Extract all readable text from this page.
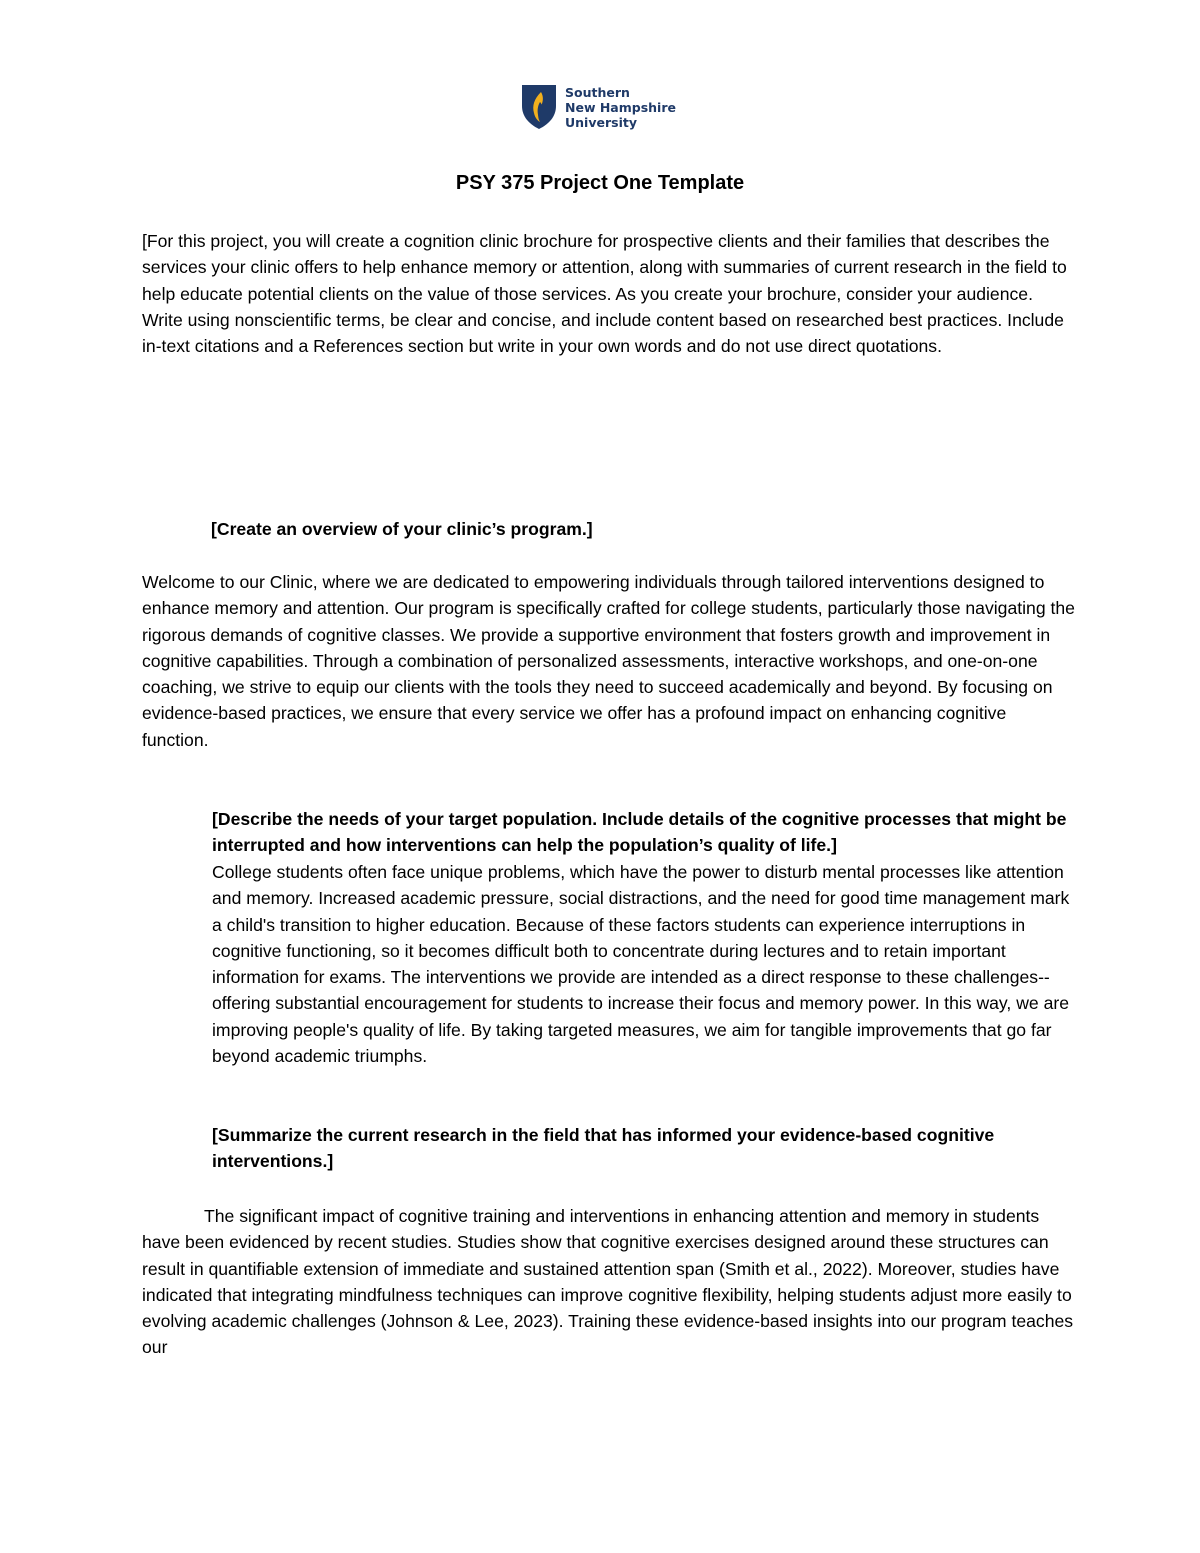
Southern
New Hampshire
University
PSY 375 Project One Template

[For this project, you will create a cognition clinic brochure for prospective clients and their families that describes the services your clinic offers to help enhance memory or attention, along with summaries of current research in the field to help educate potential clients on the value of those services. As you create your brochure, consider your audience. Write using nonscientific terms, be clear and concise, and include content based on researched best practices. Include in-text citations and a References section but write in your own words and do not use direct quotations.

[Create an overview of your clinic’s program.]

Welcome to our Clinic, where we are dedicated to empowering individuals through tailored interventions designed to enhance memory and attention. Our program is specifically crafted for college students, particularly those navigating the rigorous demands of cognitive classes. We provide a supportive environment that fosters growth and improvement in cognitive capabilities. Through a combination of personalized assessments, interactive workshops, and one-on-one coaching, we strive to equip our clients with the tools they need to succeed academically and beyond. By focusing on evidence-based practices, we ensure that every service we offer has a profound impact on enhancing cognitive function.

[Describe the needs of your target population. Include details of the cognitive processes that might be interrupted and how interventions can help the population’s quality of life.]

College students often face unique problems, which have the power to disturb mental processes like attention and memory. Increased academic pressure, social distractions, and the need for good time management mark a child's transition to higher education. Because of these factors students can experience interruptions in cognitive functioning, so it becomes difficult both to concentrate during lectures and to retain important information for exams. The interventions we provide are intended as a direct response to these challenges--offering substantial encouragement for students to increase their focus and memory power. In this way, we are improving people's quality of life. By taking targeted measures, we aim for tangible improvements that go far beyond academic triumphs.

[Summarize the current research in the field that has informed your evidence-based cognitive interventions.]

The significant impact of cognitive training and interventions in enhancing attention and memory in students have been evidenced by recent studies. Studies show that cognitive exercises designed around these structures can result in quantifiable extension of immediate and sustained attention span (Smith et al., 2022). Moreover, studies have indicated that integrating mindfulness techniques can improve cognitive flexibility, helping students adjust more easily to evolving academic challenges (Johnson & Lee, 2023). Training these evidence-based insights into our program teaches our
